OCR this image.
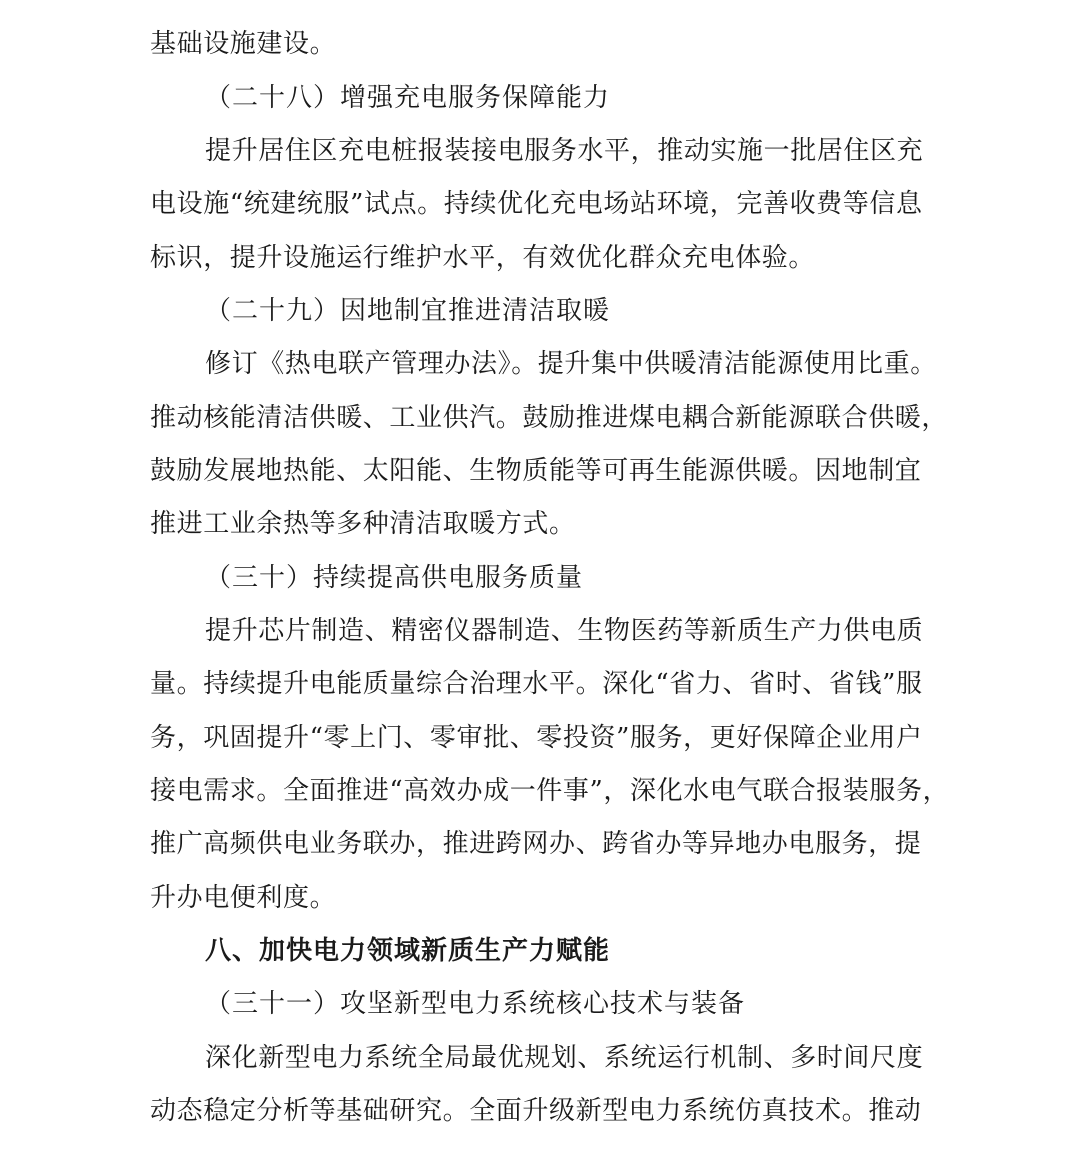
基础设施建设。
（二十八）增强充电服务保障能力
提升居住区充电桩报装接电服务水平，推动实施一批居住区充
电设施“统建统服”试点。持续优化充电场站环境，完善收费等信息
标识，提升设施运行维护水平，有效优化群众充电体验。
（二十九）因地制宜推进清洁取暖
修订《热电联产管理办法》。提升集中供暖清洁能源使用比重。
推动核能清洁供暖、工业供汽。鼓励推进煤电耦合新能源联合供暖，
鼓励发展地热能、太阳能、生物质能等可再生能源供暖。因地制宜
推进工业余热等多种清洁取暖方式。
（三十）持续提高供电服务质量
提升芯片制造、精密仪器制造、生物医药等新质生产力供电质
量。持续提升电能质量综合治理水平。深化“省力、省时、省钱”服
务，巩固提升“零上门、零审批、零投资”服务，更好保障企业用户
接电需求。全面推进“高效办成一件事”，深化水电气联合报装服务，
推广高频供电业务联办，推进跨网办、跨省办等异地办电服务，提
升办电便利度。
八、加快电力领域新质生产力赋能
（三十一）攻坚新型电力系统核心技术与装备
深化新型电力系统全局最优规划、系统运行机制、多时间尺度
动态稳定分析等基础研究。全面升级新型电力系统仿真技术。推动
